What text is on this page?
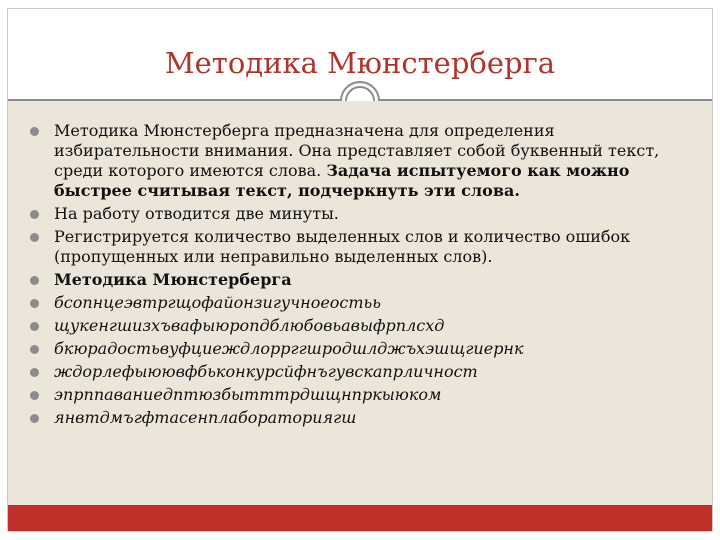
Методика Мюнстерберга
Методика Мюнстерберга предназначена для определения избирательности внимания. Она представляет собой буквенный текст, среди которого имеются слова. Задача испытуемого как можно быстрее считывая текст, подчеркнуть эти слова.
На работу отводится две минуты.
Регистрируется количество выделенных слов и количество ошибок (пропущенных или неправильно выделенных слов).
Методика Мюнстерберга
бсопнцеэвтргщофайонзигучноеостьь
щукенгшизхъвафыюропдблюбовьавыфрплсхд
бкюрадостьвуфциеждлоррггшродшлджъхэшщгиернк
ждорлефыюювфбьконкурсйфнъгувскапрличност
эпрппаваниедптюзбытттрдшщнпркыюком
янвтдмъгфтасенплабораториягш
